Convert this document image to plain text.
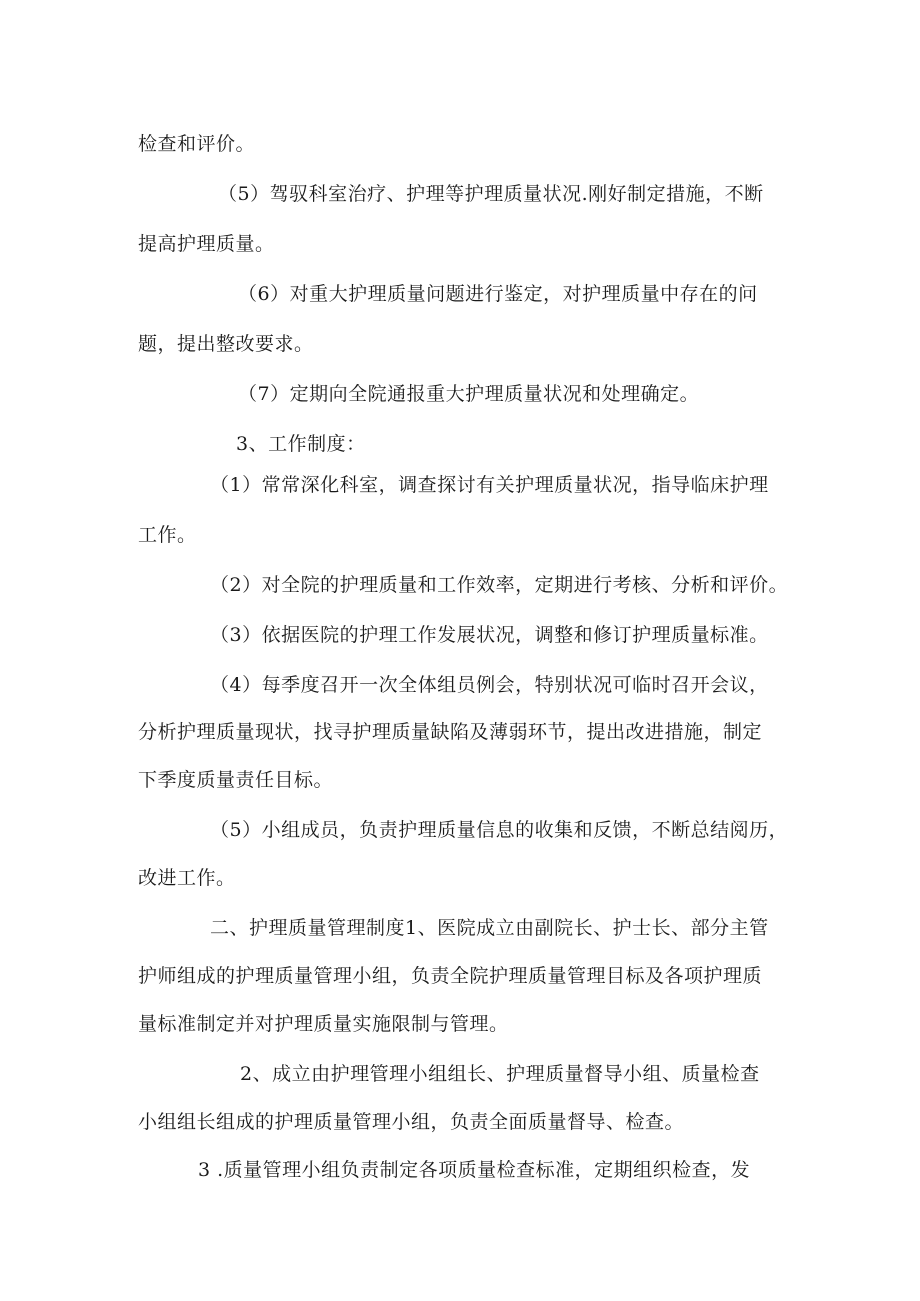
检查和评价。
（5）驾驭科室治疗、护理等护理质量状况.刚好制定措施，不断
提高护理质量。
（6）对重大护理质量问题进行鉴定，对护理质量中存在的问
题，提出整改要求。
（7）定期向全院通报重大护理质量状况和处理确定。
3、工作制度：
（1）常常深化科室，调查探讨有关护理质量状况，指导临床护理
工作。
（2）对全院的护理质量和工作效率，定期进行考核、分析和评价。
（3）依据医院的护理工作发展状况，调整和修订护理质量标准。
（4）每季度召开一次全体组员例会，特别状况可临时召开会议，
分析护理质量现状，找寻护理质量缺陷及薄弱环节，提出改进措施，制定
下季度质量责任目标。
（5）小组成员，负责护理质量信息的收集和反馈，不断总结阅历，
改进工作。
二、护理质量管理制度1、医院成立由副院长、护士长、部分主管
护师组成的护理质量管理小组，负责全院护理质量管理目标及各项护理质
量标准制定并对护理质量实施限制与管理。
2、成立由护理管理小组组长、护理质量督导小组、质量检查
小组组长组成的护理质量管理小组，负责全面质量督导、检查。
3 .质量管理小组负责制定各项质量检查标准，定期组织检查，发
